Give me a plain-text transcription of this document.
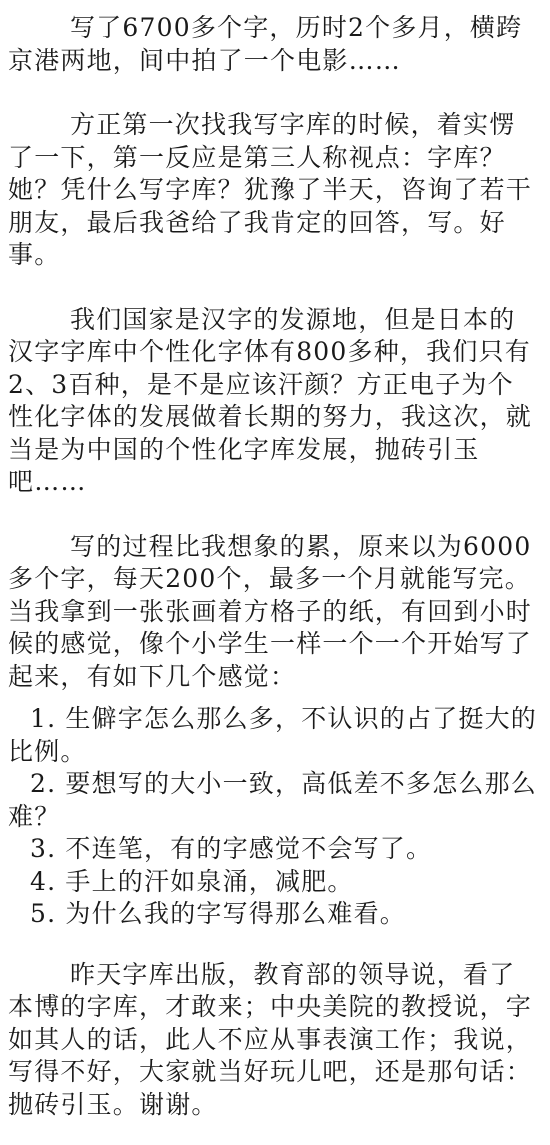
写了6700多个字，历时2个多月，横跨京港两地，间中拍了一个电影……

方正第一次找我写字库的时候，着实愣了一下，第一反应是第三人称视点：字库？她？凭什么写字库？犹豫了半天，咨询了若干朋友，最后我爸给了我肯定的回答，写。好事。

我们国家是汉字的发源地，但是日本的汉字字库中个性化字体有800多种，我们只有2、3百种，是不是应该汗颜？方正电子为个性化字体的发展做着长期的努力，我这次，就当是为中国的个性化字库发展，抛砖引玉吧……

写的过程比我想象的累，原来以为6000多个字，每天200个，最多一个月就能写完。当我拿到一张张画着方格子的纸，有回到小时候的感觉，像个小学生一样一个一个开始写了起来，有如下几个感觉：

1. 生僻字怎么那么多，不认识的占了挺大的比例。

2. 要想写的大小一致，高低差不多怎么那么难？

3. 不连笔，有的字感觉不会写了。

4. 手上的汗如泉涌，减肥。

5. 为什么我的字写得那么难看。

昨天字库出版，教育部的领导说，看了本博的字库，才敢来；中央美院的教授说，字如其人的话，此人不应从事表演工作；我说，写得不好，大家就当好玩儿吧，还是那句话：抛砖引玉。谢谢。
